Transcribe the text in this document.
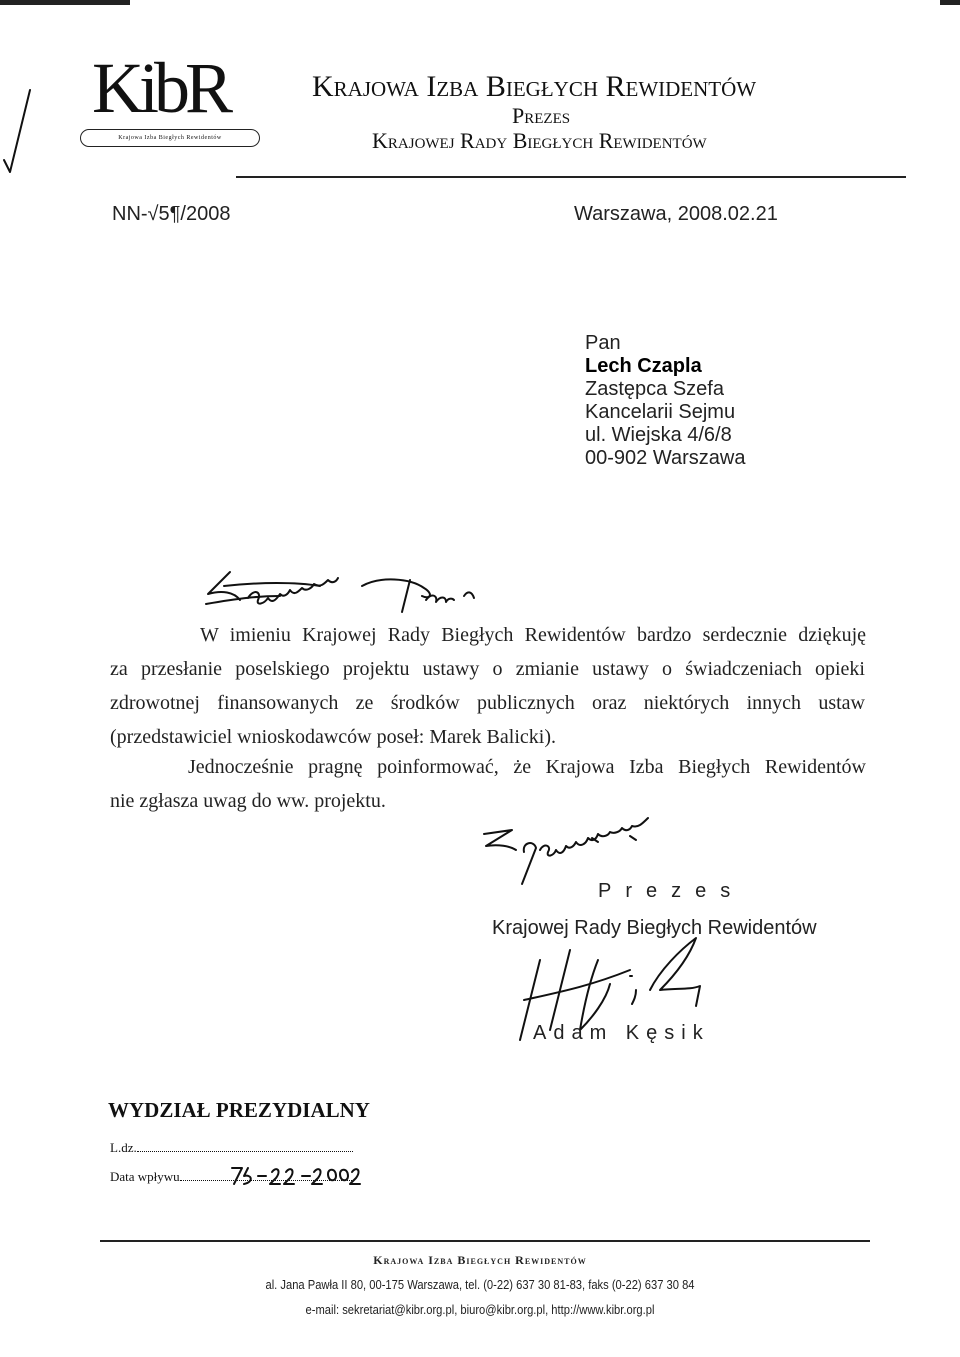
KibR
Krajowa Izba Biegłych Rewidentów
Krajowa Izba Biegłych Rewidentów
Prezes
Krajowej Rady Biegłych Rewidentów
NN-√5¶/2008	Warszawa, 2008.02.21
Pan
Lech Czapla
Zastępca Szefa
Kancelarii Sejmu
ul. Wiejska 4/6/8
00-902 Warszawa
W imieniu Krajowej Rady Biegłych Rewidentów bardzo serdecznie dziękuję
za przesłanie poselskiego projektu ustawy o zmianie ustawy o świadczeniach opieki
zdrowotnej finansowanych ze środków publicznych oraz niektórych innych ustaw
(przedstawiciel wnioskodawców poseł: Marek Balicki).
Jednocześnie pragnę poinformować, że Krajowa Izba Biegłych Rewidentów
nie zgłasza uwag do ww. projektu.
Prezes
Krajowej Rady Biegłych Rewidentów
Adam Kęsik
WYDZIAŁ PREZYDIALNY
L.dz.
Data wpływu
Krajowa Izba Biegłych Rewidentów
al. Jana Pawła II 80, 00-175 Warszawa, tel. (0-22) 637 30 81-83, faks (0-22) 637 30 84
e-mail: sekretariat@kibr.org.pl, biuro@kibr.org.pl, http://www.kibr.org.pl
